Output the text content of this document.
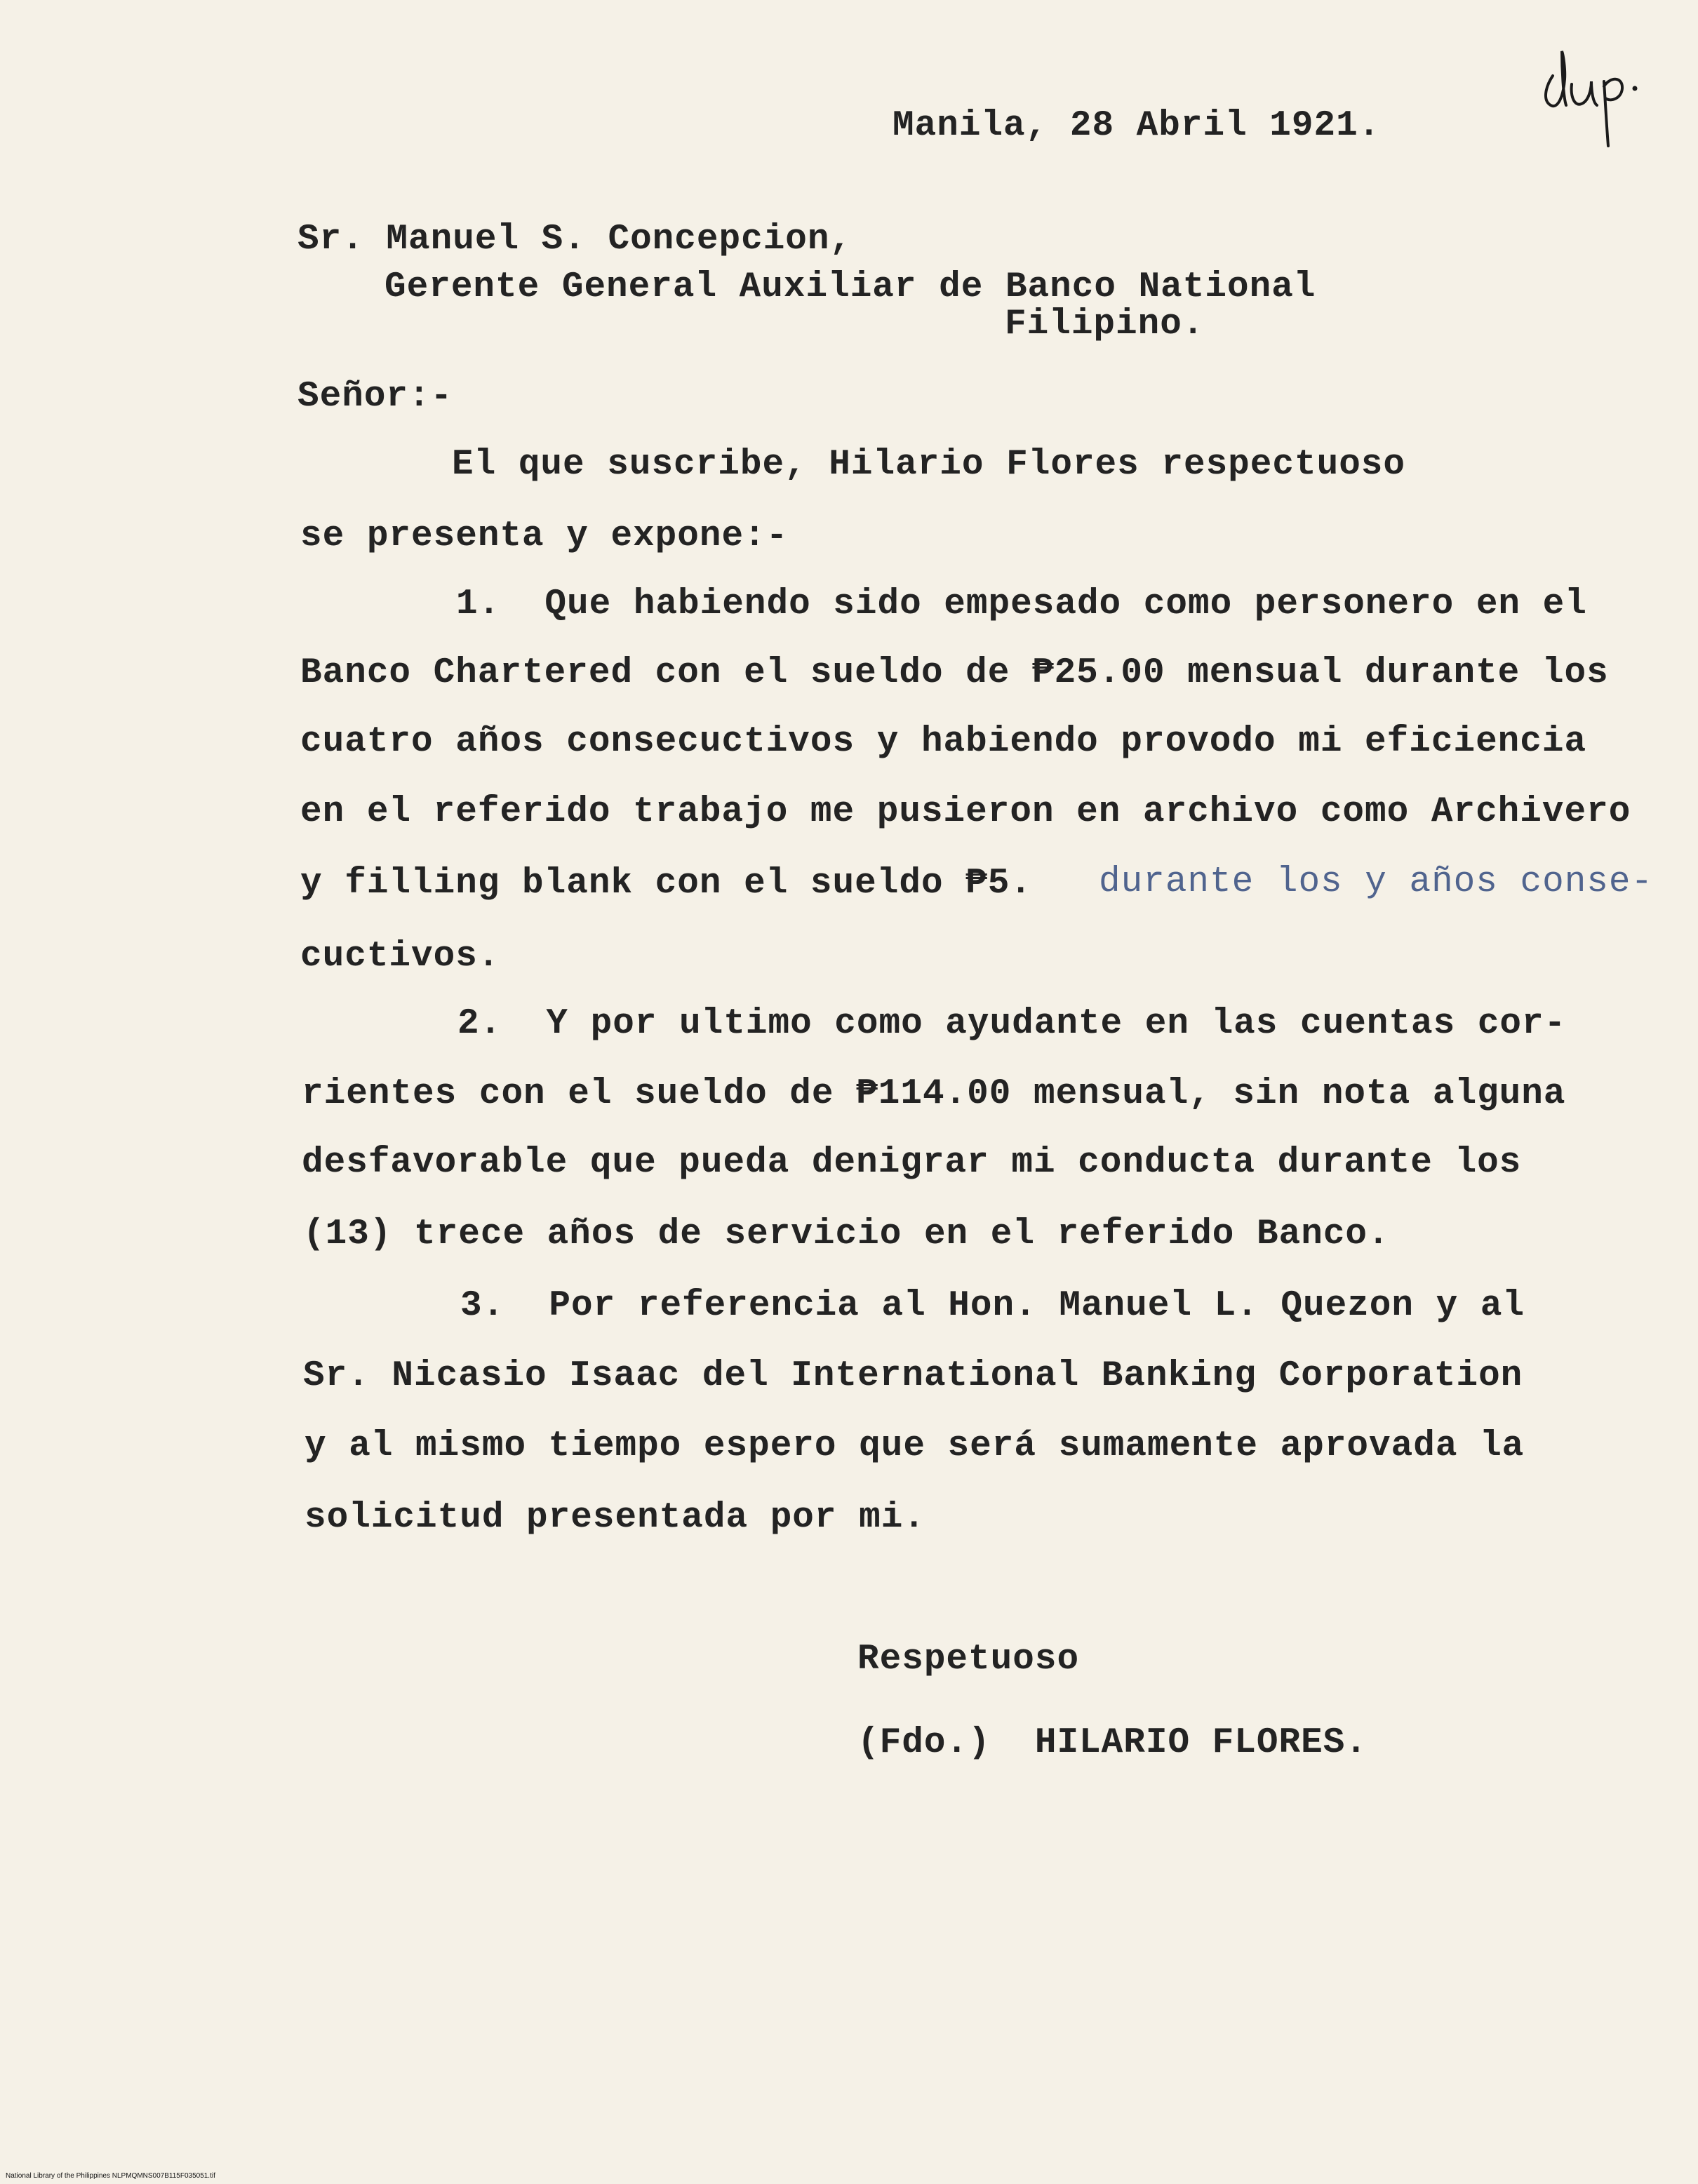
Manila, 28 Abril 1921.
Sr. Manuel S. Concepcion,
Gerente General Auxiliar de Banco National
Filipino.
Señor:-
El que suscribe, Hilario Flores respectuoso
se presenta y expone:-
1.  Que habiendo sido empesado como personero en el
Banco Chartered con el sueldo de ₱25.00 mensual durante los
cuatro años consecuctivos y habiendo provodo mi eficiencia
en el referido trabajo me pusieron en archivo como Archivero
y filling blank con el sueldo ₱5. durante los y años conse-
cuctivos.
2.  Y por ultimo como ayudante en las cuentas cor-
rientes con el sueldo de ₱114.00 mensual, sin nota alguna
desfavorable que pueda denigrar mi conducta durante los
(13) trece años de servicio en el referido Banco.
3.  Por referencia al Hon. Manuel L. Quezon y al
Sr. Nicasio Isaac del International Banking Corporation
y al mismo tiempo espero que será sumamente aprovada la
solicitud presentada por mi.
Respetuoso
(Fdo.)  HILARIO FLORES.
National Library of the Philippines NLPMQMNS007B115F035051.tif
